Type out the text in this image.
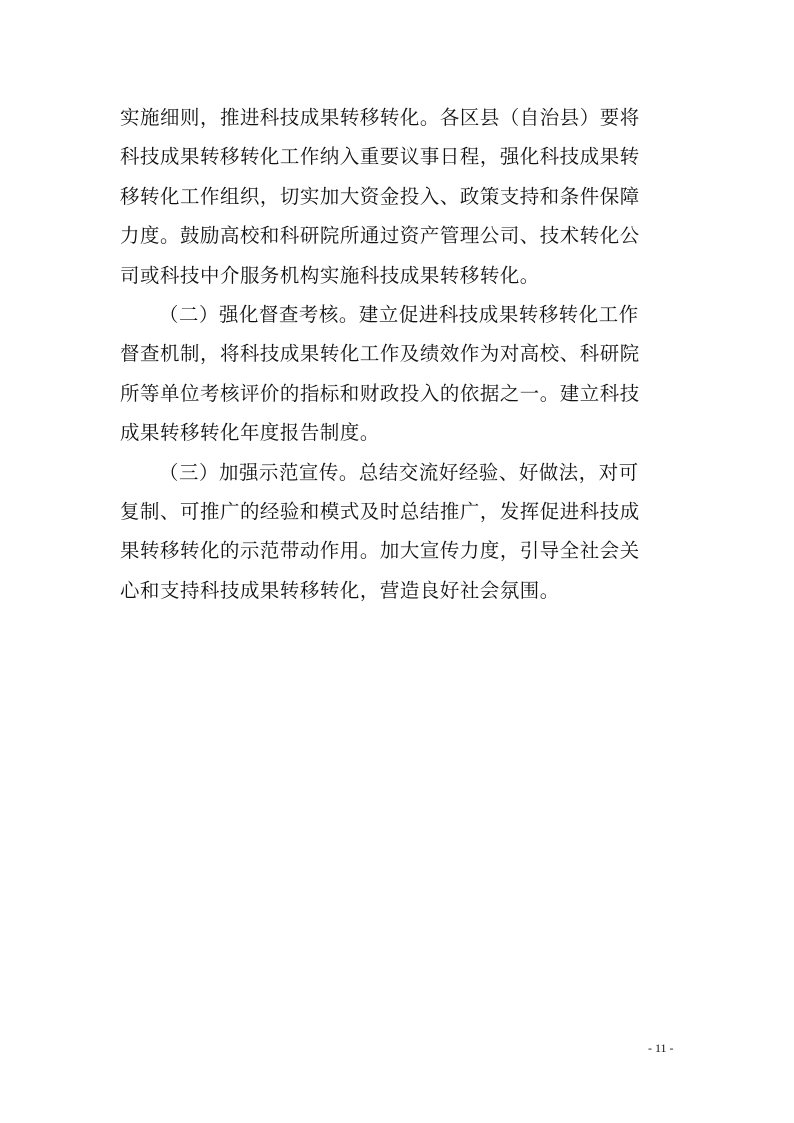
实施细则，推进科技成果转移转化。各区县（自治县）要将
科技成果转移转化工作纳入重要议事日程，强化科技成果转
移转化工作组织，切实加大资金投入、政策支持和条件保障
力度。鼓励高校和科研院所通过资产管理公司、技术转化公
司或科技中介服务机构实施科技成果转移转化。
（二）强化督查考核。建立促进科技成果转移转化工作
督查机制，将科技成果转化工作及绩效作为对高校、科研院
所等单位考核评价的指标和财政投入的依据之一。建立科技
成果转移转化年度报告制度。
（三）加强示范宣传。总结交流好经验、好做法，对可
复制、可推广的经验和模式及时总结推广，发挥促进科技成
果转移转化的示范带动作用。加大宣传力度，引导全社会关
心和支持科技成果转移转化，营造良好社会氛围。
- 11 -
